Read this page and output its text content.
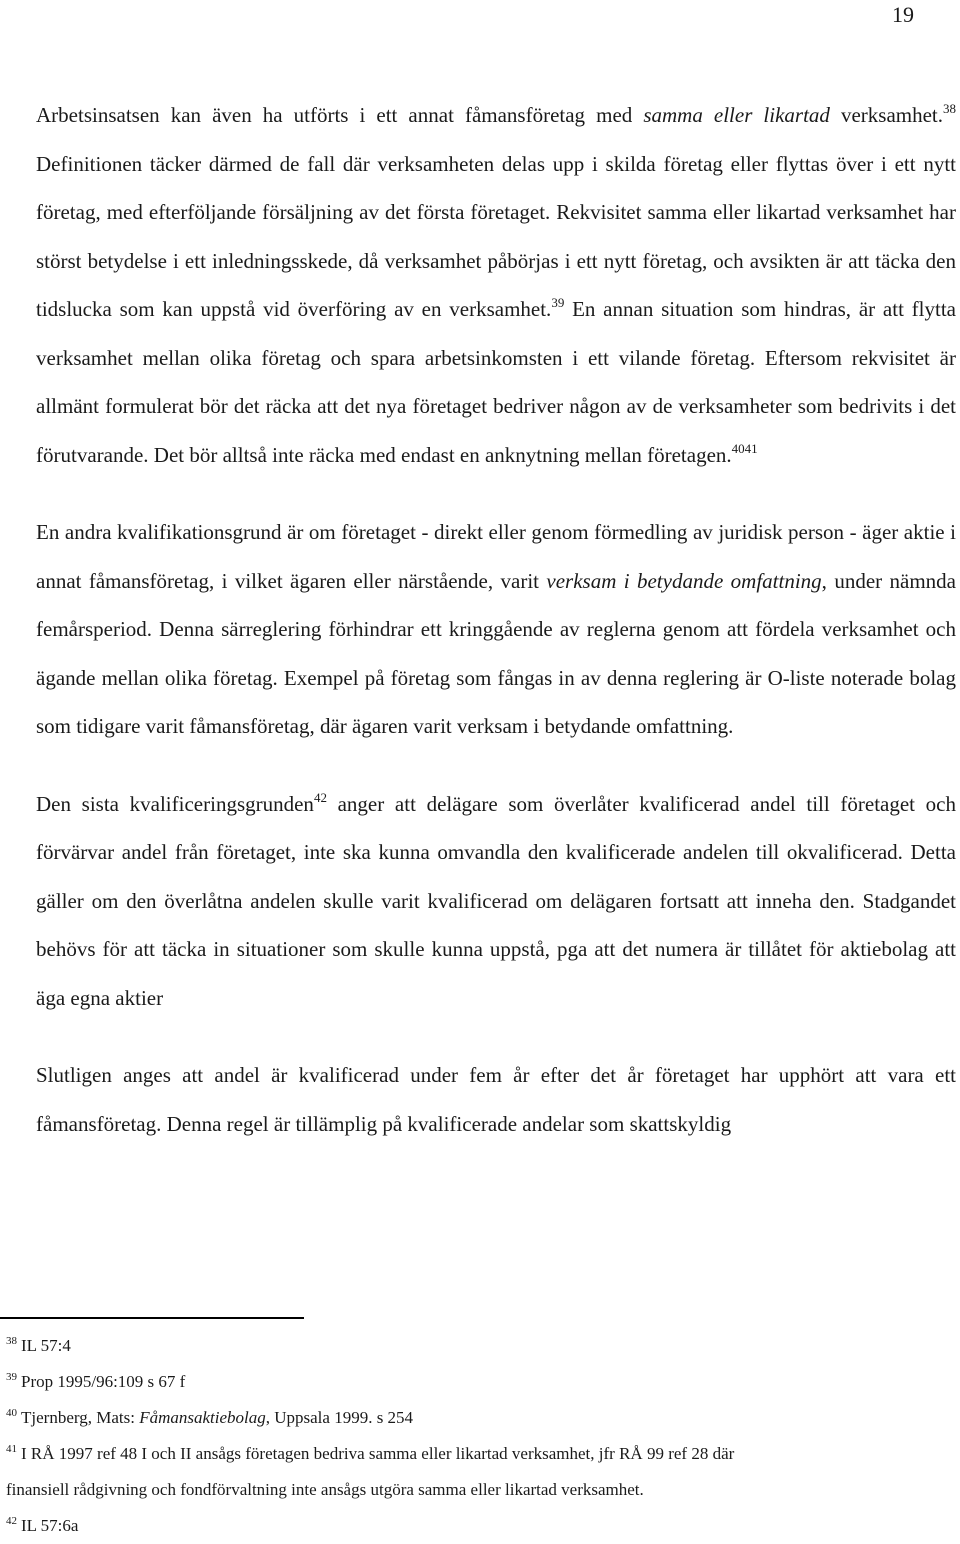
19

Arbetsinsatsen kan även ha utförts i ett annat fåmansföretag med samma eller likartad verksamhet.$^{38}$ Definitionen täcker därmed de fall där verksamheten delas upp i skilda företag eller flyttas över i ett nytt företag, med efterföljande försäljning av det första företaget. Rekvisitet samma eller likartad verksamhet har störst betydelse i ett inledningsskede, då verksamhet påbörjas i ett nytt företag, och avsikten är att täcka den tidslucka som kan uppstå vid överföring av en verksamhet.$^{39}$ En annan situation som hindras, är att flytta verksamhet mellan olika företag och spara arbetsinkomsten i ett vilande företag. Eftersom rekvisitet är allmänt formulerat bör det räcka att det nya företaget bedriver någon av de verksamheter som bedrivits i det förutvarande. Det bör alltså inte räcka med endast en anknytning mellan företagen.$^{4041}$

En andra kvalifikationsgrund är om företaget - direkt eller genom förmedling av juridisk person - äger aktie i annat fåmansföretag, i vilket ägaren eller närstående, varit verksam i betydande omfattning, under nämnda femårsperiod. Denna särreglering förhindrar ett kringgående av reglerna genom att fördela verksamhet och ägande mellan olika företag. Exempel på företag som fångas in av denna reglering är O-liste noterade bolag som tidigare varit fåmansföretag, där ägaren varit verksam i betydande omfattning.

Den sista kvalificeringsgrunden$^{42}$ anger att delägare som överlåter kvalificerad andel till företaget och förvärvar andel från företaget, inte ska kunna omvandla den kvalificerade andelen till okvalificerad. Detta gäller om den överlåtna andelen skulle varit kvalificerad om delägaren fortsatt att inneha den. Stadgandet behövs för att täcka in situationer som skulle kunna uppstå, pga att det numera är tillåtet för aktiebolag att äga egna aktier

Slutligen anges att andel är kvalificerad under fem år efter det år företaget har upphört att vara ett fåmansföretag. Denna regel är tillämplig på kvalificerade andelar som skattskyldig

$^{38}$ IL 57:4
$^{39}$ Prop 1995/96:109 s 67 f
$^{40}$ Tjernberg, Mats: Fåmansaktiebolag, Uppsala 1999. s 254
$^{41}$ I RÅ 1997 ref 48 I och II ansågs företagen bedriva samma eller likartad verksamhet, jfr RÅ 99 ref 28 där
finansiell rådgivning och fondförvaltning inte ansågs utgöra samma eller likartad verksamhet.
$^{42}$ IL 57:6a
